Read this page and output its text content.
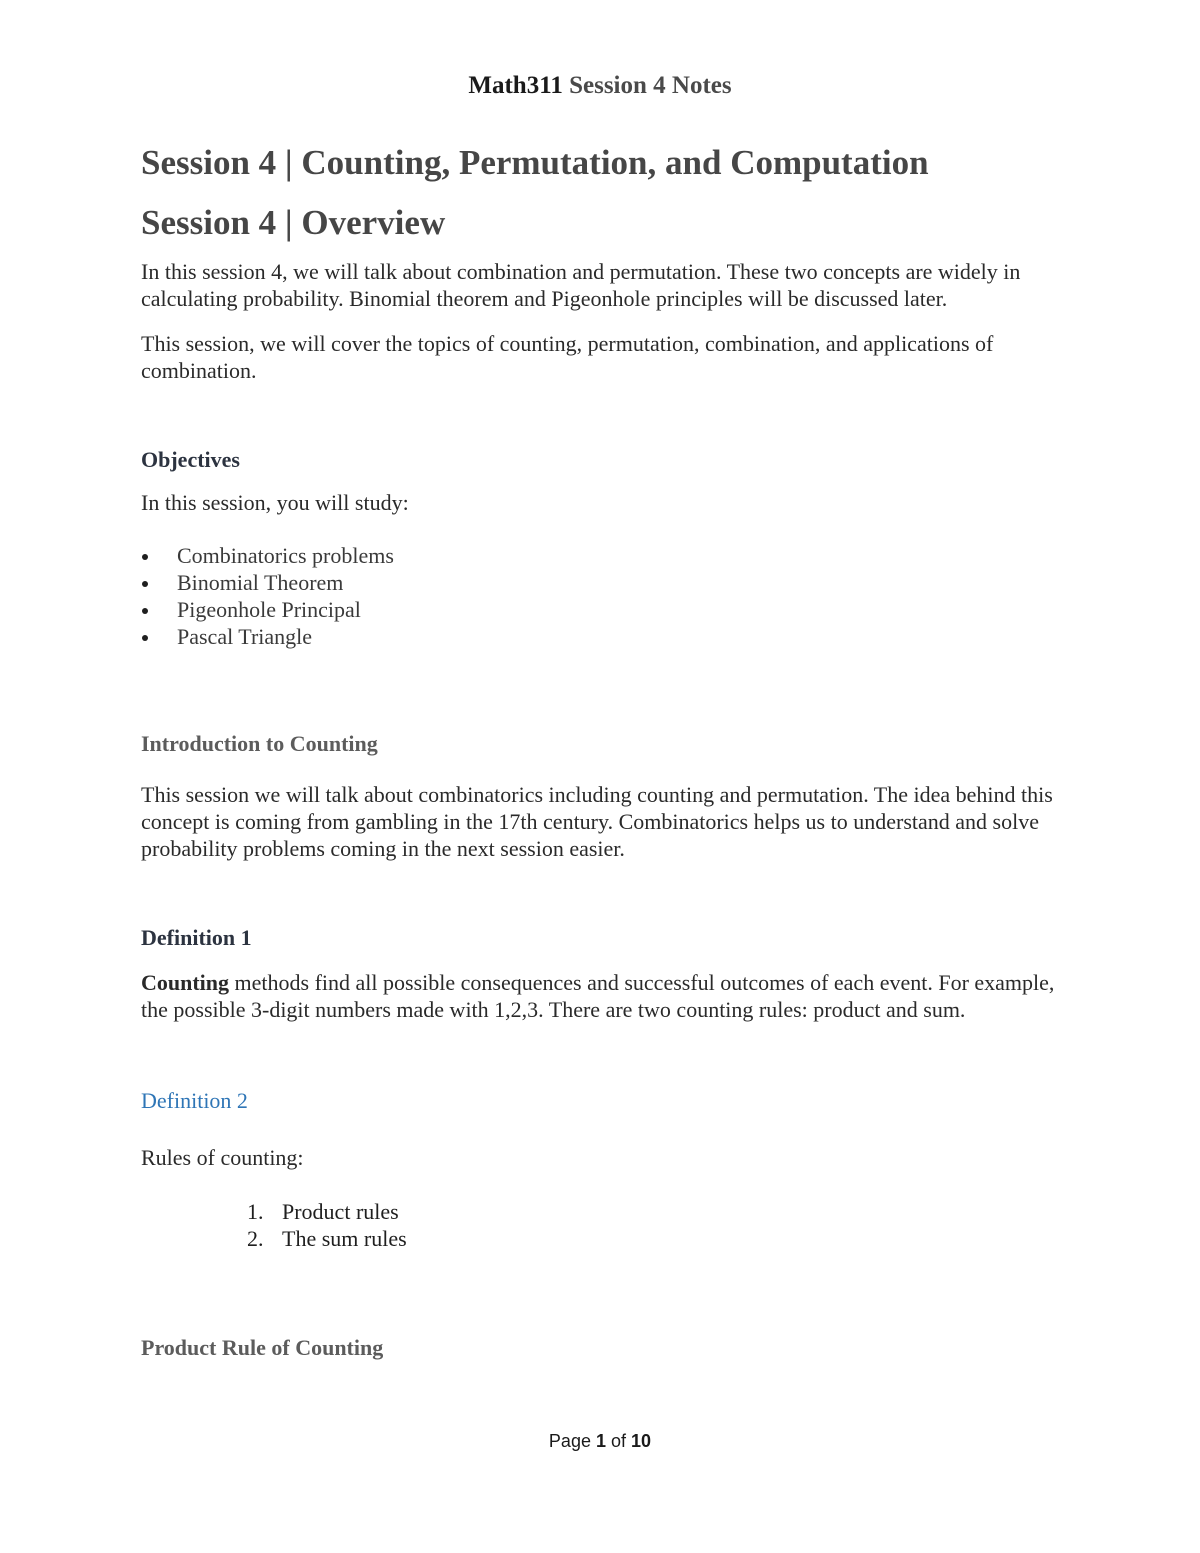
Math311 Session 4 Notes
Session 4 | Counting, Permutation, and Computation
Session 4 | Overview

In this session 4, we will talk about combination and permutation. These two concepts are widely in calculating probability. Binomial theorem and Pigeonhole principles will be discussed later.

This session, we will cover the topics of counting, permutation, combination, and applications of combination.

Objectives

In this session, you will study:

Combinatorics problems
Binomial Theorem
Pigeonhole Principal
Pascal Triangle

Introduction to Counting

This session we will talk about combinatorics including counting and permutation. The idea behind this concept is coming from gambling in the 17th century. Combinatorics helps us to understand and solve probability problems coming in the next session easier.

Definition 1

Counting methods find all possible consequences and successful outcomes of each event. For example, the possible 3-digit numbers made with 1,2,3. There are two counting rules: product and sum.

Definition 2

Rules of counting:

1. Product rules
2. The sum rules

Product Rule of Counting

Page 1 of 10
